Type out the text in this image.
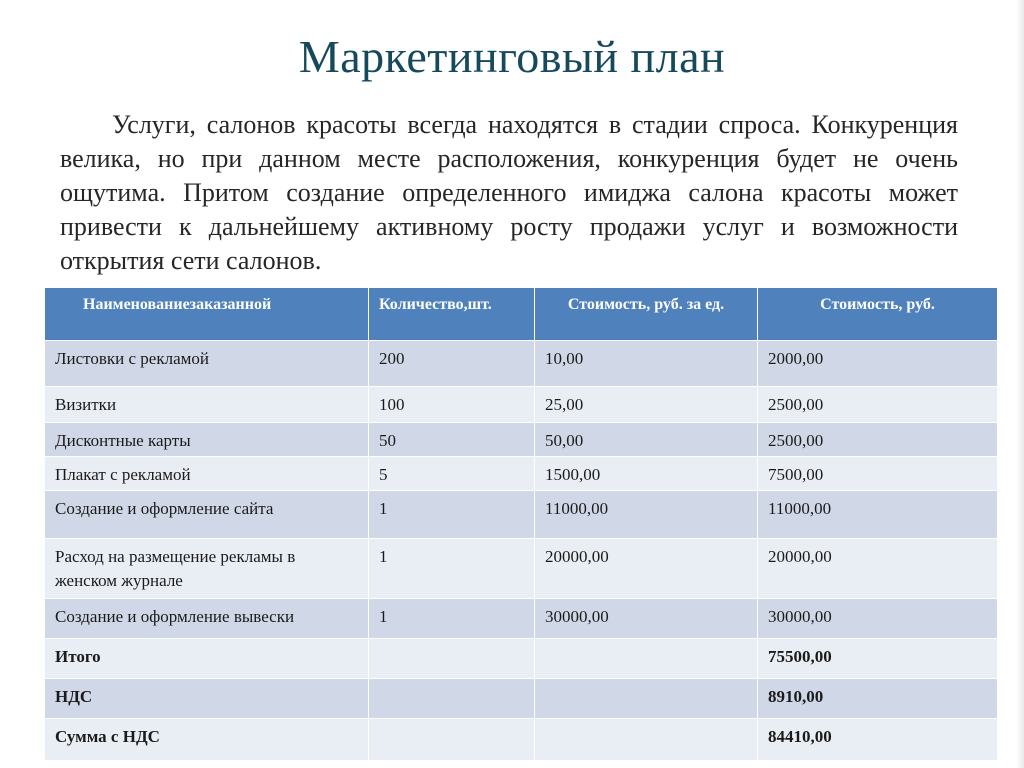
Маркетинговый план
Услуги, салонов красоты всегда находятся в стадии спроса. Конкуренция велика, но при данном месте расположения, конкуренция будет не очень ощутима. Притом создание определенного имиджа салона красоты может привести к дальнейшему активному росту продажи услуг и возможности открытия сети салонов.
Наименованиезаказанной	Количество,шт.	Стоимость, руб. за ед.	Стоимость, руб.
Листовки с рекламой	200	10,00	2000,00
Визитки	100	25,00	2500,00
Дисконтные карты	50	50,00	2500,00
Плакат с рекламой	5	1500,00	7500,00
Создание и оформление сайта	1	11000,00	11000,00
Расход на размещение рекламы в женском журнале	1	20000,00	20000,00
Создание и оформление вывески	1	30000,00	30000,00
Итого			75500,00
НДС			8910,00
Сумма с НДС			84410,00
